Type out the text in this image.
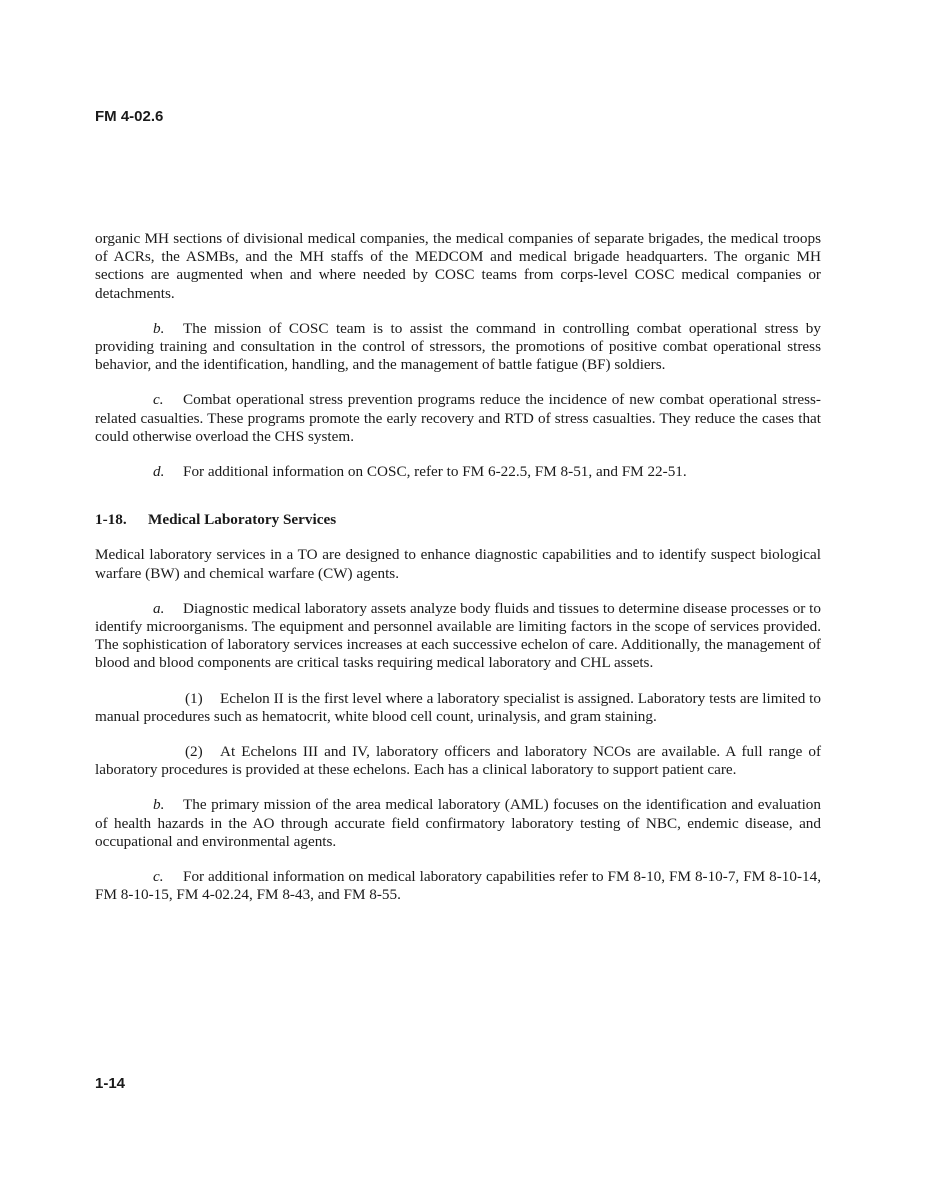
FM 4-02.6

organic MH sections of divisional medical companies, the medical companies of separate brigades, the medical troops of ACRs, the ASMBs, and the MH staffs of the MEDCOM and medical brigade headquarters. The organic MH sections are augmented when and where needed by COSC teams from corps-level COSC medical companies or detachments.

b. The mission of COSC team is to assist the command in controlling combat operational stress by providing training and consultation in the control of stressors, the promotions of positive combat operational stress behavior, and the identification, handling, and the management of battle fatigue (BF) soldiers.

c. Combat operational stress prevention programs reduce the incidence of new combat operational stress-related casualties. These programs promote the early recovery and RTD of stress casualties. They reduce the cases that could otherwise overload the CHS system.

d. For additional information on COSC, refer to FM 6-22.5, FM 8-51, and FM 22-51.

1-18. Medical Laboratory Services

Medical laboratory services in a TO are designed to enhance diagnostic capabilities and to identify suspect biological warfare (BW) and chemical warfare (CW) agents.

a. Diagnostic medical laboratory assets analyze body fluids and tissues to determine disease processes or to identify microorganisms. The equipment and personnel available are limiting factors in the scope of services provided. The sophistication of laboratory services increases at each successive echelon of care. Additionally, the management of blood and blood components are critical tasks requiring medical laboratory and CHL assets.

(1) Echelon II is the first level where a laboratory specialist is assigned. Laboratory tests are limited to manual procedures such as hematocrit, white blood cell count, urinalysis, and gram staining.

(2) At Echelons III and IV, laboratory officers and laboratory NCOs are available. A full range of laboratory procedures is provided at these echelons. Each has a clinical laboratory to support patient care.

b. The primary mission of the area medical laboratory (AML) focuses on the identification and evaluation of health hazards in the AO through accurate field confirmatory laboratory testing of NBC, endemic disease, and occupational and environmental agents.

c. For additional information on medical laboratory capabilities refer to FM 8-10, FM 8-10-7, FM 8-10-14, FM 8-10-15, FM 4-02.24, FM 8-43, and FM 8-55.

1-14
